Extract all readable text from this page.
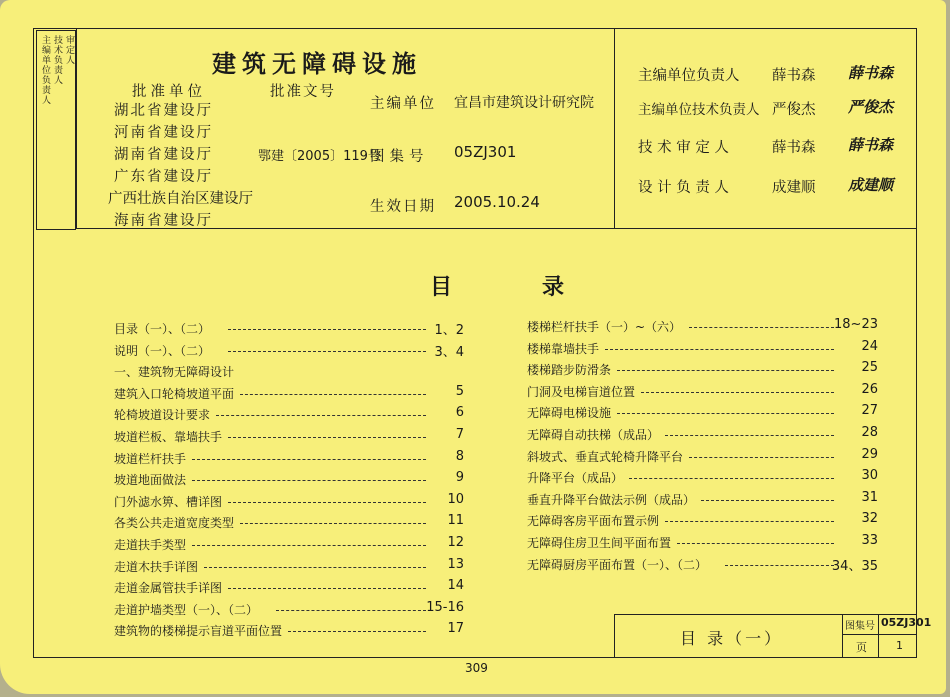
主编单位负责人 技术负责人 审定人	建筑无障碍设施
批准单位	批准文号
湖北省建设厅
河南省建设厅
湖南省建设厅
广东省建设厅
广西壮族自治区建设厅
海南省建设厅
鄂建〔2005〕119号
主编单位 宜昌市建筑设计研究院
图集号 05ZJ301
生效日期 2005.10.24
主编单位负责人 薛书森 薛书森
主编单位技术负责人 严俊杰 严俊杰
技 术 审 定 人	薛书森 薛书森
设 计 负 责 人	成建顺 成建顺
目	录
目录（一）、（二）	1、2
说明（一）、（二）	3、4
一、建筑物无障碍设计
建筑入口轮椅坡道平面	5
轮椅坡道设计要求	6
坡道栏板、靠墙扶手	7
坡道栏杆扶手	8
坡道地面做法	9
门外滤水箅、槽详图	10
各类公共走道宽度类型	11
走道扶手类型	12
走道木扶手详图	13
走道金属管扶手详图	14
走道护墙类型（一）、（二）	15-16
建筑物的楼梯提示盲道平面位置	17
楼梯栏杆扶手（一）~（六）	18~23
楼梯靠墙扶手	24
楼梯踏步防滑条	25
门洞及电梯盲道位置	26
无障碍电梯设施	27
无障碍自动扶梯（成品）	28
斜坡式、垂直式轮椅升降平台	29
升降平台（成品）	30
垂直升降平台做法示例（成品）	31
无障碍客房平面布置示例	32
无障碍住房卫生间平面布置	33
无障碍厨房平面布置（一）、（二）	34、35
目 录（一）
图集号 05ZJ301
页	1
309
